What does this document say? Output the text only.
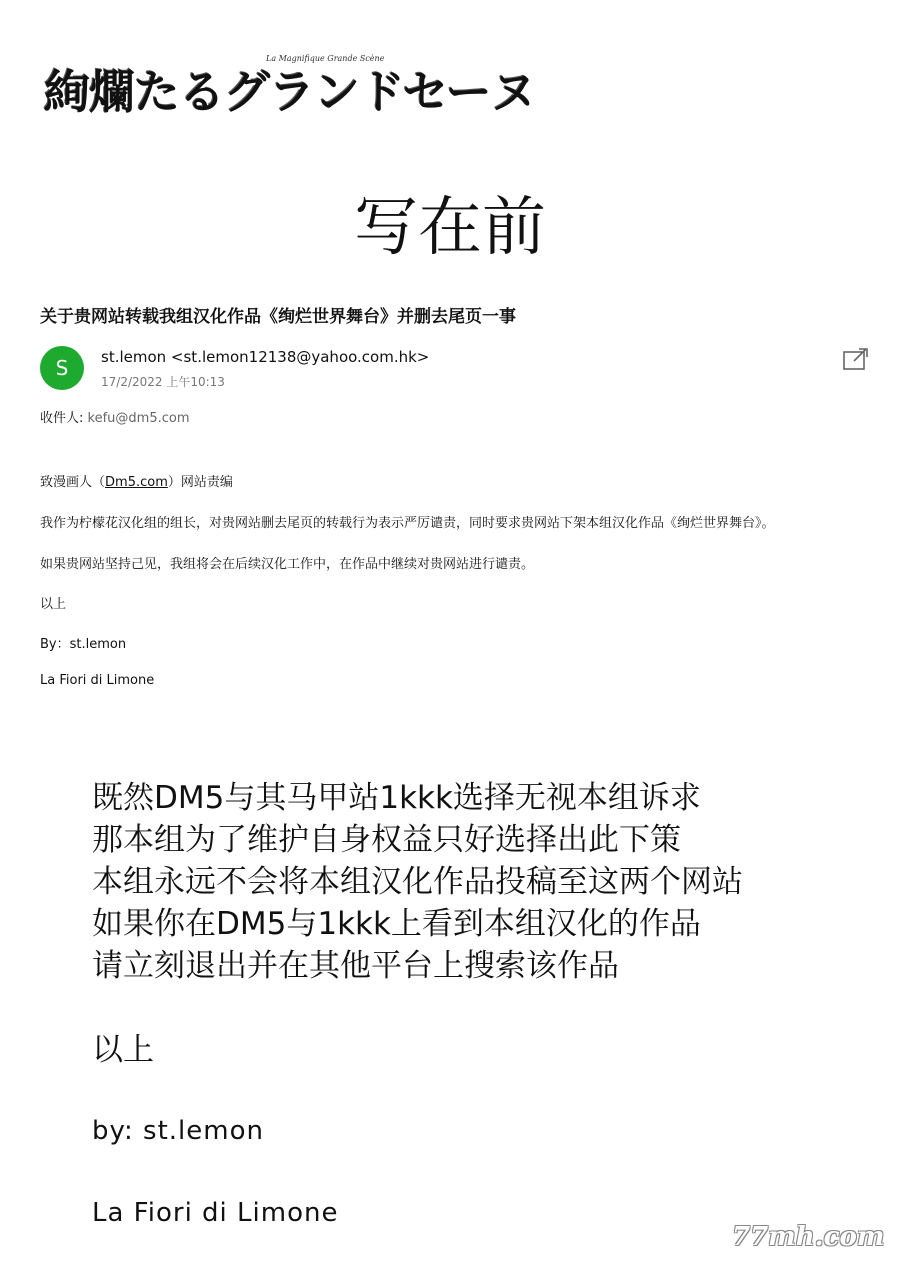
La Magnifique Grande Scène
絢爛たるグランドセーヌ
写在前
关于贵网站转载我组汉化作品《绚烂世界舞台》并删去尾页一事
S	st.lemon <st.lemon12138@yahoo.com.hk>
17/2/2022 上午10:13
收件人: kefu@dm5.com
致漫画人（Dm5.com）网站责编
我作为柠檬花汉化组的组长，对贵网站删去尾页的转载行为表示严厉谴责，同时要求贵网站下架本组汉化作品《绚烂世界舞台》。
如果贵网站坚持己见，我组将会在后续汉化工作中，在作品中继续对贵网站进行谴责。
以上
By：st.lemon
La Fiori di Limone
既然DM5与其马甲站1kkk选择无视本组诉求
那本组为了维护自身权益只好选择出此下策
本组永远不会将本组汉化作品投稿至这两个网站
如果你在DM5与1kkk上看到本组汉化的作品
请立刻退出并在其他平台上搜索该作品
以上
by: st.lemon
La Fiori di Limone
77mh.com
